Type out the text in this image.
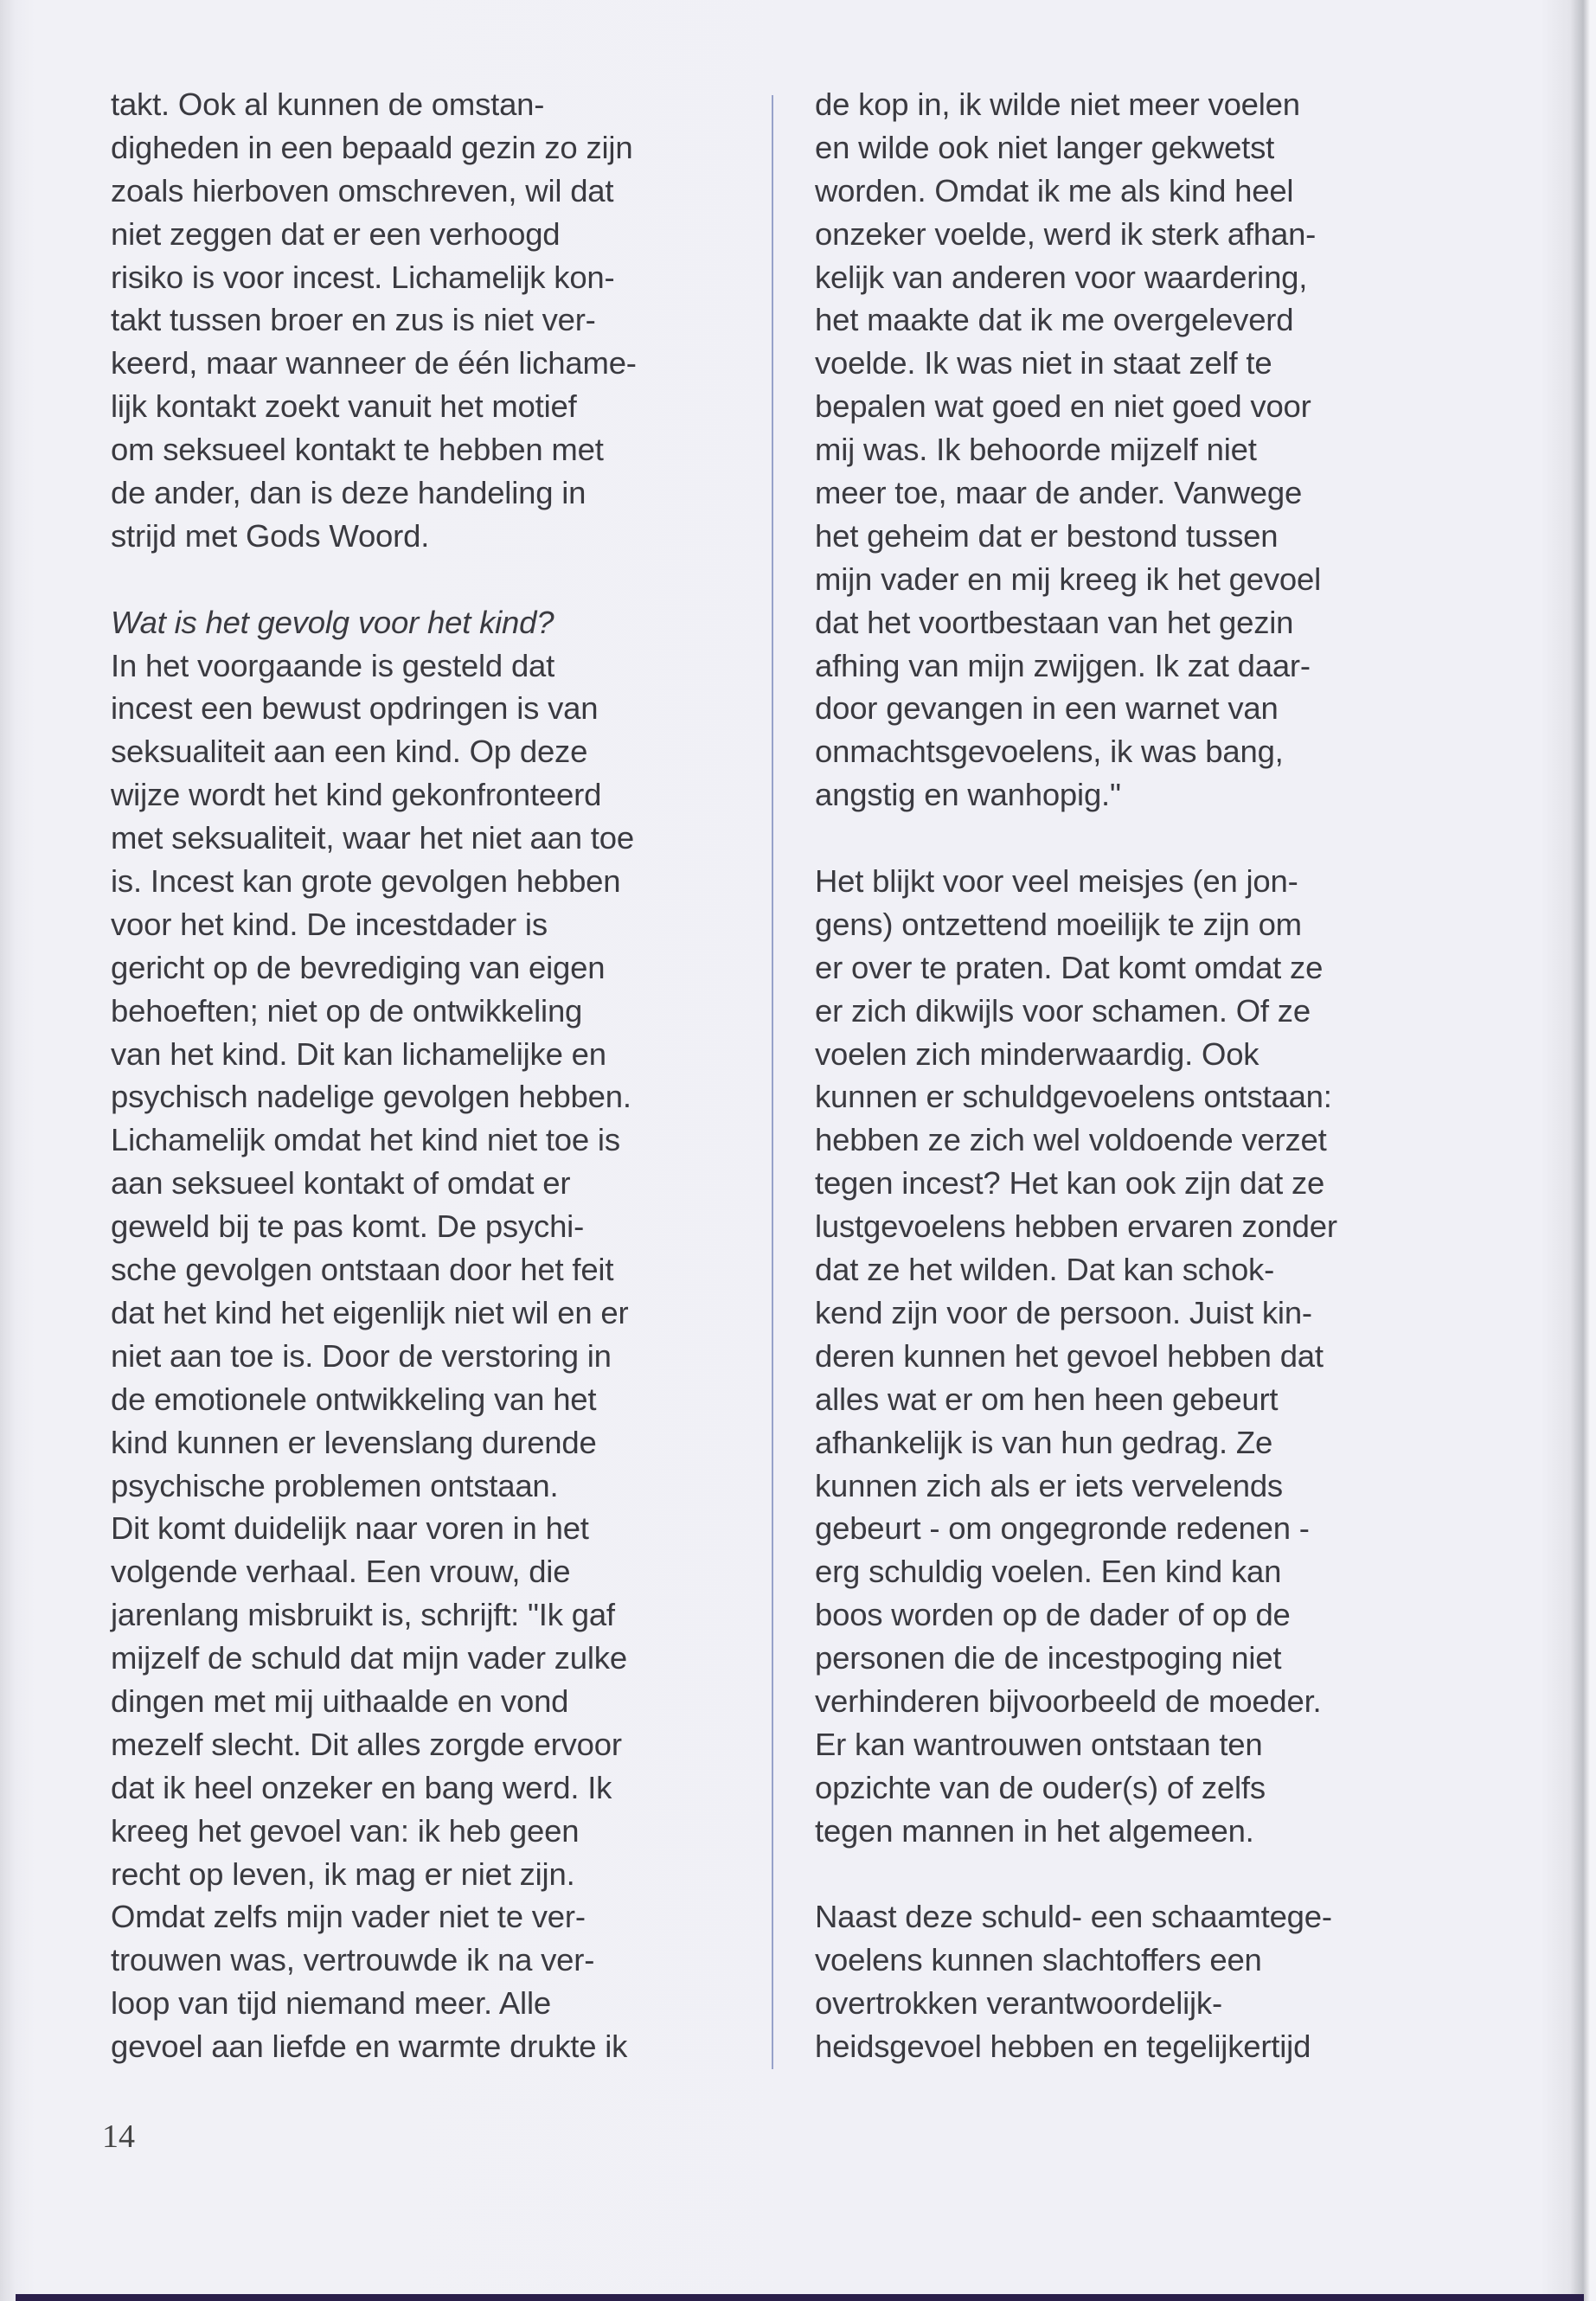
takt. Ook al kunnen de omstan-
digheden in een bepaald gezin zo zijn
zoals hierboven omschreven, wil dat
niet zeggen dat er een verhoogd
risiko is voor incest. Lichamelijk kon-
takt tussen broer en zus is niet ver-
keerd, maar wanneer de één lichame-
lijk kontakt zoekt vanuit het motief
om seksueel kontakt te hebben met
de ander, dan is deze handeling in
strijd met Gods Woord.
Wat is het gevolg voor het kind?
In het voorgaande is gesteld dat
incest een bewust opdringen is van
seksualiteit aan een kind. Op deze
wijze wordt het kind gekonfronteerd
met seksualiteit, waar het niet aan toe
is. Incest kan grote gevolgen hebben
voor het kind. De incestdader is
gericht op de bevrediging van eigen
behoeften; niet op de ontwikkeling
van het kind. Dit kan lichamelijke en
psychisch nadelige gevolgen hebben.
Lichamelijk omdat het kind niet toe is
aan seksueel kontakt of omdat er
geweld bij te pas komt. De psychi-
sche gevolgen ontstaan door het feit
dat het kind het eigenlijk niet wil en er
niet aan toe is. Door de verstoring in
de emotionele ontwikkeling van het
kind kunnen er levenslang durende
psychische problemen ontstaan.
Dit komt duidelijk naar voren in het
volgende verhaal. Een vrouw, die
jarenlang misbruikt is, schrijft: "Ik gaf
mijzelf de schuld dat mijn vader zulke
dingen met mij uithaalde en vond
mezelf slecht. Dit alles zorgde ervoor
dat ik heel onzeker en bang werd. Ik
kreeg het gevoel van: ik heb geen
recht op leven, ik mag er niet zijn.
Omdat zelfs mijn vader niet te ver-
trouwen was, vertrouwde ik na ver-
loop van tijd niemand meer. Alle
gevoel aan liefde en warmte drukte ik
de kop in, ik wilde niet meer voelen
en wilde ook niet langer gekwetst
worden. Omdat ik me als kind heel
onzeker voelde, werd ik sterk afhan-
kelijk van anderen voor waardering,
het maakte dat ik me overgeleverd
voelde. Ik was niet in staat zelf te
bepalen wat goed en niet goed voor
mij was. Ik behoorde mijzelf niet
meer toe, maar de ander. Vanwege
het geheim dat er bestond tussen
mijn vader en mij kreeg ik het gevoel
dat het voortbestaan van het gezin
afhing van mijn zwijgen. Ik zat daar-
door gevangen in een warnet van
onmachtsgevoelens, ik was bang,
angstig en wanhopig."
Het blijkt voor veel meisjes (en jon-
gens) ontzettend moeilijk te zijn om
er over te praten. Dat komt omdat ze
er zich dikwijls voor schamen. Of ze
voelen zich minderwaardig. Ook
kunnen er schuldgevoelens ontstaan:
hebben ze zich wel voldoende verzet
tegen incest? Het kan ook zijn dat ze
lustgevoelens hebben ervaren zonder
dat ze het wilden. Dat kan schok-
kend zijn voor de persoon. Juist kin-
deren kunnen het gevoel hebben dat
alles wat er om hen heen gebeurt
afhankelijk is van hun gedrag. Ze
kunnen zich als er iets vervelends
gebeurt - om ongegronde redenen -
erg schuldig voelen. Een kind kan
boos worden op de dader of op de
personen die de incestpoging niet
verhinderen bijvoorbeeld de moeder.
Er kan wantrouwen ontstaan ten
opzichte van de ouder(s) of zelfs
tegen mannen in het algemeen.
Naast deze schuld- een schaamtege-
voelens kunnen slachtoffers een
overtrokken verantwoordelijk-
heidsgevoel hebben en tegelijkertijd
14
